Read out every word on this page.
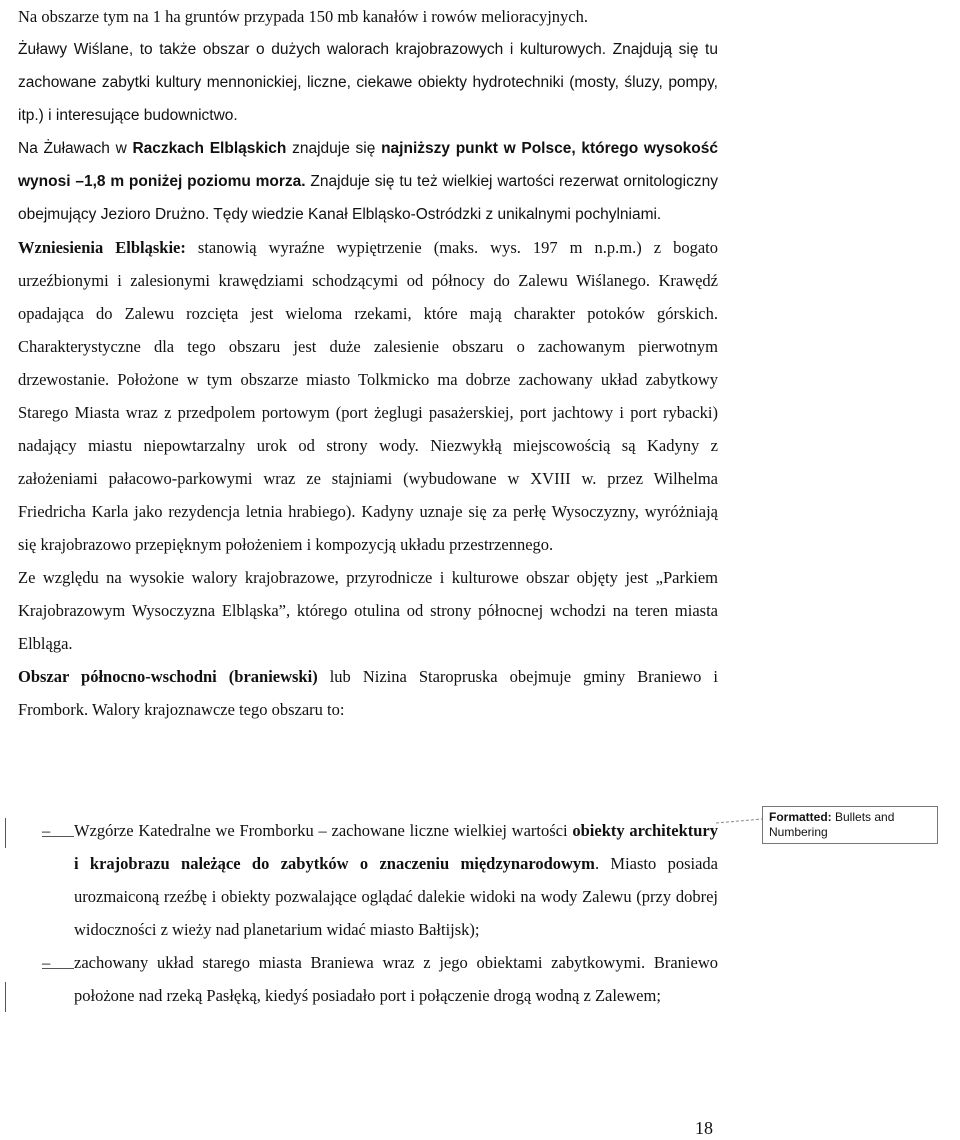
Na obszarze tym na 1 ha gruntów przypada 150 mb kanałów i rowów melioracyjnych.

Żuławy Wiślane, to także obszar o dużych walorach krajobrazowych i kulturowych. Znajdują się tu zachowane zabytki kultury mennonickiej, liczne, ciekawe obiekty hydrotechniki (mosty, śluzy, pompy, itp.) i interesujące budownictwo.

Na Żuławach w Raczkach Elbląskich znajduje się najniższy punkt w Polsce, którego wysokość wynosi –1,8 m poniżej poziomu morza. Znajduje się tu też wielkiej wartości rezerwat ornitologiczny obejmujący Jezioro Drużno. Tędy wiedzie Kanał Elbląsko-Ostródzki z unikalnymi pochylniami.

Wzniesienia Elbląskie: stanowią wyraźne wypiętrzenie (maks. wys. 197 m n.p.m.) z bogato urzeźbionymi i zalesionymi krawędziami schodzącymi od północy do Zalewu Wiślanego. Krawędź opadająca do Zalewu rozcięta jest wieloma rzekami, które mają charakter potoków górskich. Charakterystyczne dla tego obszaru jest duże zalesienie obszaru o zachowanym pierwotnym drzewostanie. Położone w tym obszarze miasto Tolkmicko ma dobrze zachowany układ zabytkowy Starego Miasta wraz z przedpolem portowym (port żeglugi pasażerskiej, port jachtowy i port rybacki) nadający miastu niepowtarzalny urok od strony wody. Niezwykłą miejscowością są Kadyny z założeniami pałacowo-parkowymi wraz ze stajniami (wybudowane w XVIII w. przez Wilhelma Friedricha Karla jako rezydencja letnia hrabiego). Kadyny uznaje się za perłę Wysoczyzny, wyróżniają się krajobrazowo przepięknym położeniem i kompozycją układu przestrzennego.

Ze względu na wysokie walory krajobrazowe, przyrodnicze i kulturowe obszar objęty jest „Parkiem Krajobrazowym Wysoczyzna Elbląska”, którego otulina od strony północnej wchodzi na teren miasta Elbląga.

Obszar północno-wschodni (braniewski) lub Nizina Staropruska obejmuje gminy Braniewo i Frombork. Walory krajoznawcze tego obszaru to:

– Wzgórze Katedralne we Fromborku – zachowane liczne wielkiej wartości obiekty architektury i krajobrazu należące do zabytków o znaczeniu międzynarodowym. Miasto posiada urozmaiconą rzeźbę i obiekty pozwalające oglądać dalekie widoki na wody Zalewu (przy dobrej widoczności z wieży nad planetarium widać miasto Bałtijsk);

– zachowany układ starego miasta Braniewa wraz z jego obiektami zabytkowymi. Braniewo położone nad rzeką Pasłęką, kiedyś posiadało port i połączenie drogą wodną z Zalewem;

Formatted: Bullets and Numbering
18
